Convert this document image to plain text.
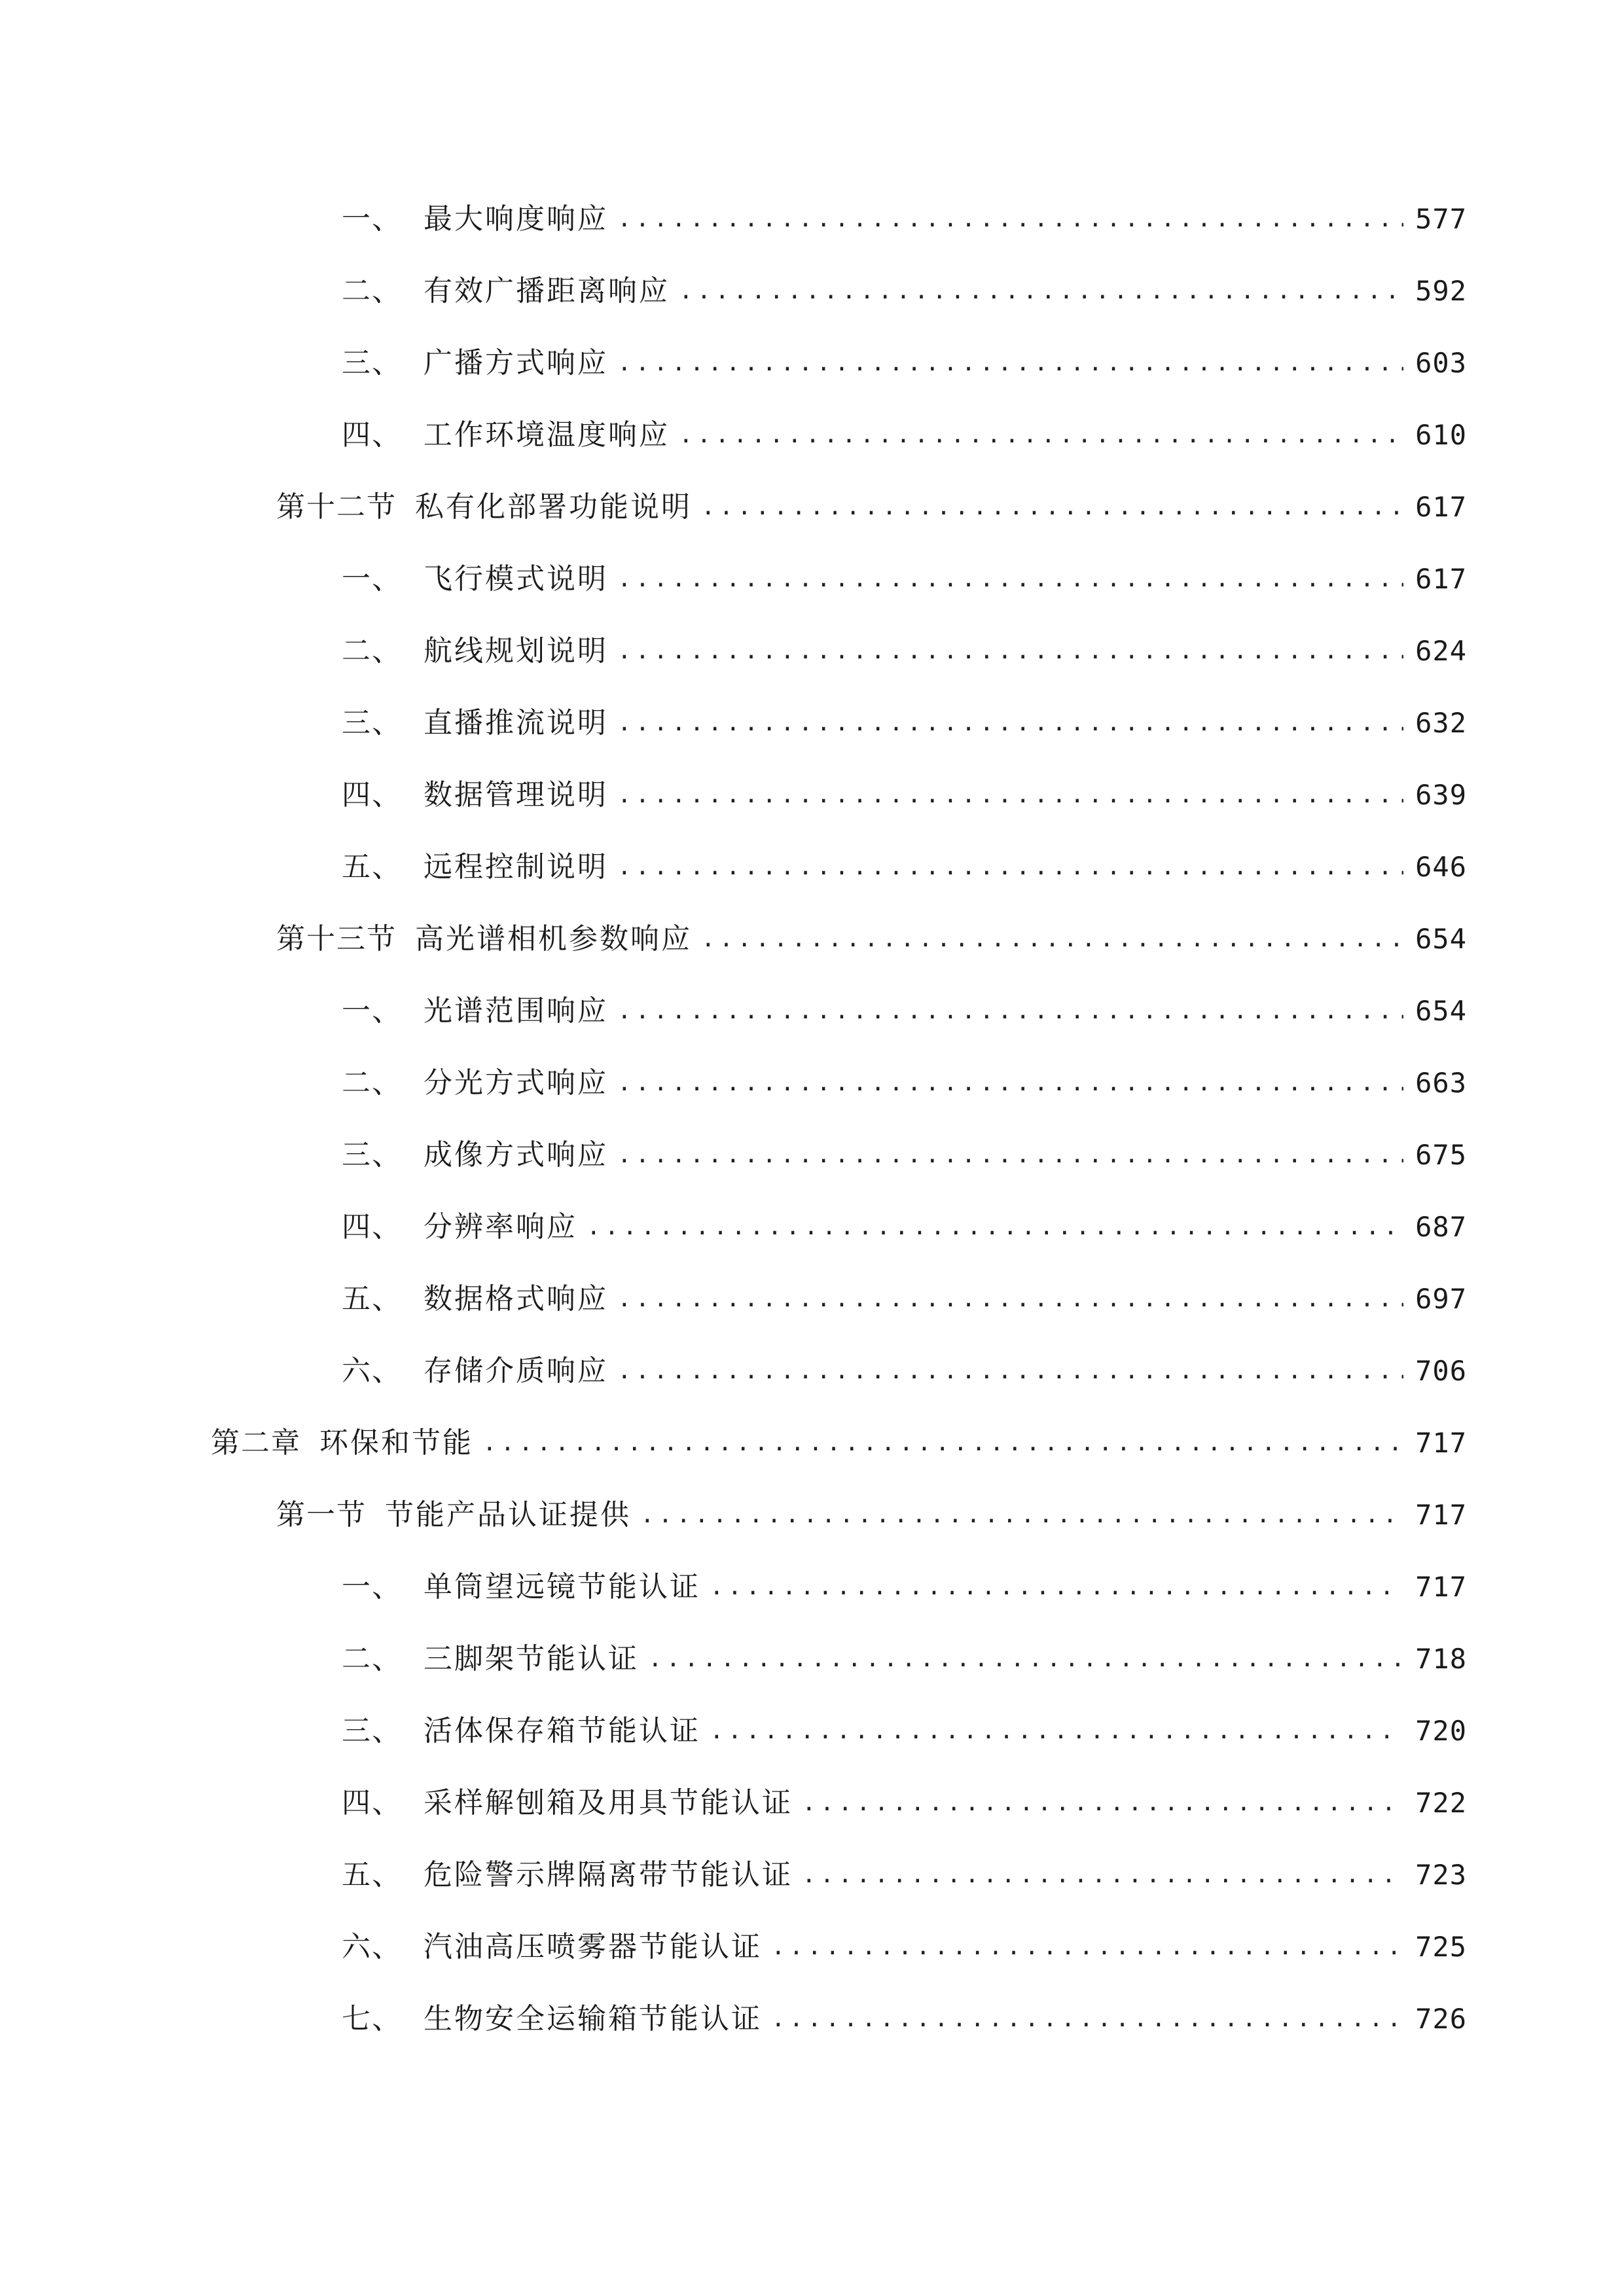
一、 最大响度响应 .....	577
二、 有效广播距离响应 .....	592
三、 广播方式响应 .....	603
四、 工作环境温度响应 .....	610
第十二节 私有化部署功能说明 .....	617
一、 飞行模式说明 .....	617
二、 航线规划说明 .....	624
三、 直播推流说明 .....	632
四、 数据管理说明 .....	639
五、 远程控制说明 .....	646
第十三节 高光谱相机参数响应 .....	654
一、 光谱范围响应 .....	654
二、 分光方式响应 .....	663
三、 成像方式响应 .....	675
四、 分辨率响应 .....	687
五、 数据格式响应 .....	697
六、 存储介质响应 .....	706
第二章 环保和节能 .....	717
第一节 节能产品认证提供 .....	717
一、 单筒望远镜节能认证 .....	717
二、 三脚架节能认证 .....	718
三、 活体保存箱节能认证 .....	720
四、 采样解刨箱及用具节能认证 .....	722
五、 危险警示牌隔离带节能认证 .....	723
六、 汽油高压喷雾器节能认证 .....	725
七、 生物安全运输箱节能认证 .....	726
